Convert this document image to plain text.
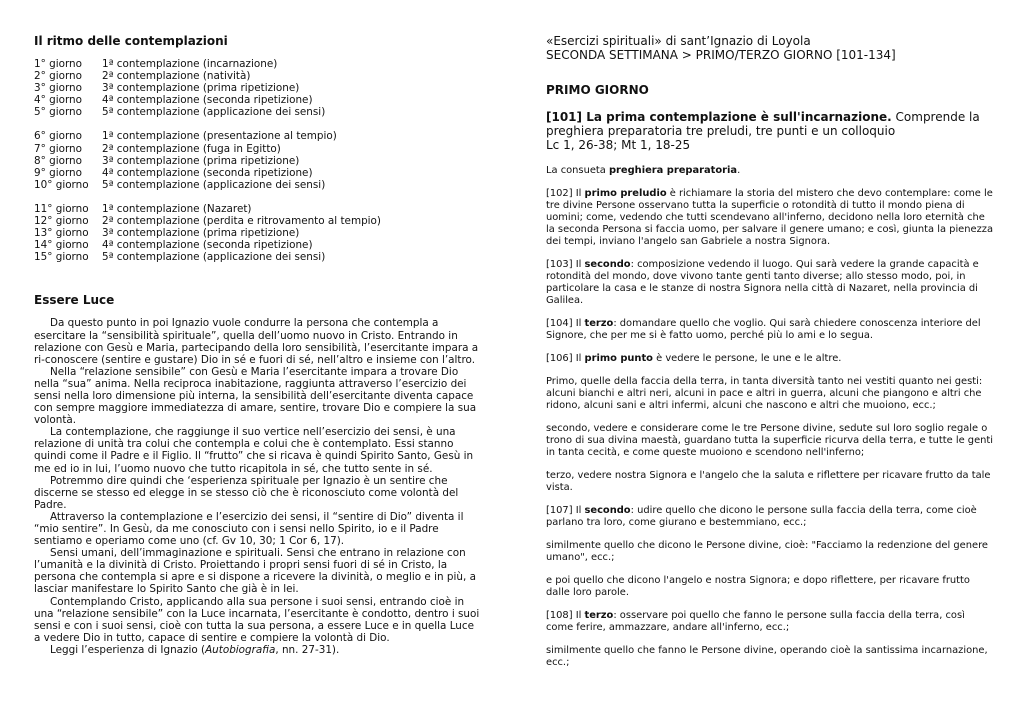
Il ritmo delle contemplazioni
1° giorno	1ª contemplazione (incarnazione)
2° giorno	2ª contemplazione (natività)
3° giorno	3ª contemplazione (prima ripetizione)
4° giorno	4ª contemplazione (seconda ripetizione)
5° giorno	5ª contemplazione (applicazione dei sensi)
6° giorno	1ª contemplazione (presentazione al tempio)
7° giorno	2ª contemplazione (fuga in Egitto)
8° giorno	3ª contemplazione (prima ripetizione)
9° giorno	4ª contemplazione (seconda ripetizione)
10° giorno	5ª contemplazione (applicazione dei sensi)
11° giorno	1ª contemplazione (Nazaret)
12° giorno	2ª contemplazione (perdita e ritrovamento al tempio)
13° giorno	3ª contemplazione (prima ripetizione)
14° giorno	4ª contemplazione (seconda ripetizione)
15° giorno	5ª contemplazione (applicazione dei sensi)
Essere Luce

Da questo punto in poi Ignazio vuole condurre la persona che contempla a esercitare la “sensibilità spirituale”, quella dell’uomo nuovo in Cristo. Entrando in relazione con Gesù e Maria, partecipando della loro sensibilità, l’esercitante impara a ri-conoscere (sentire e gustare) Dio in sé e fuori di sé, nell’altro e insieme con l’altro.

Nella “relazione sensibile” con Gesù e Maria l’esercitante impara a trovare Dio nella “sua” anima. Nella reciproca inabitazione, raggiunta attraverso l’esercizio dei sensi nella loro dimensione più interna, la sensibilità dell’esercitante diventa capace con sempre maggiore immediatezza di amare, sentire, trovare Dio e compiere la sua volontà.

La contemplazione, che raggiunge il suo vertice nell’esercizio dei sensi, è una relazione di unità tra colui che contempla e colui che è contemplato. Essi stanno quindi come il Padre e il Figlio. Il “frutto” che si ricava è quindi Spirito Santo, Gesù in me ed io in lui, l’uomo nuovo che tutto ricapitola in sé, che tutto sente in sé.

Potremmo dire quindi che ‘esperienza spirituale per Ignazio è un sentire che discerne se stesso ed elegge in se stesso ciò che è riconosciuto come volontà del Padre.

Attraverso la contemplazione e l’esercizio dei sensi, il “sentire di Dio” diventa il “mio sentire”. In Gesù, da me conosciuto con i sensi nello Spirito, io e il Padre sentiamo e operiamo come uno (cf. Gv 10, 30; 1 Cor 6, 17).

Sensi umani, dell’immaginazione e spirituali. Sensi che entrano in relazione con l’umanità e la divinità di Cristo. Proiettando i propri sensi fuori di sé in Cristo, la persona che contempla si apre e si dispone a ricevere la divinità, o meglio e in più, a lasciar manifestare lo Spirito Santo che già è in lei.

Contemplando Cristo, applicando alla sua persone i suoi sensi, entrando cioè in una “relazione sensibile” con la Luce incarnata, l’esercitante è condotto, dentro i suoi sensi e con i suoi sensi, cioè con tutta la sua persona, a essere Luce e in quella Luce a vedere Dio in tutto, capace di sentire e compiere la volontà di Dio.

Leggi l’esperienza di Ignazio (Autobiografia, nn. 27-31).

«Esercizi spirituali» di sant’Ignazio di Loyola
SECONDA SETTIMANA > PRIMO/TERZO GIORNO [101-134]
PRIMO GIORNO
[101] La prima contemplazione è sull'incarnazione. Comprende la preghiera preparatoria tre preludi, tre punti e un colloquio
Lc 1, 26-38; Mt 1, 18-25

La consueta preghiera preparatoria.

[102] Il primo preludio è richiamare la storia del mistero che devo contemplare: come le tre divine Persone osservano tutta la superficie o rotondità di tutto il mondo piena di uomini; come, vedendo che tutti scendevano all'inferno, decidono nella loro eternità che la seconda Persona si faccia uomo, per salvare il genere umano; e così, giunta la pienezza dei tempi, inviano l'angelo san Gabriele a nostra Signora.

[103] Il secondo: composizione vedendo il luogo. Qui sarà vedere la grande capacità e rotondità del mondo, dove vivono tante genti tanto diverse; allo stesso modo, poi, in particolare la casa e le stanze di nostra Signora nella città di Nazaret, nella provincia di Galilea.

[104] Il terzo: domandare quello che voglio. Qui sarà chiedere conoscenza interiore del Signore, che per me si è fatto uomo, perché più lo ami e lo segua.

[106] Il primo punto è vedere le persone, le une e le altre.

Primo, quelle della faccia della terra, in tanta diversità tanto nei vestiti quanto nei gesti: alcuni bianchi e altri neri, alcuni in pace e altri in guerra, alcuni che piangono e altri che ridono, alcuni sani e altri infermi, alcuni che nascono e altri che muoiono, ecc.;

secondo, vedere e considerare come le tre Persone divine, sedute sul loro soglio regale o trono di sua divina maestà, guardano tutta la superficie ricurva della terra, e tutte le genti in tanta cecità, e come queste muoiono e scendono nell'inferno;

terzo, vedere nostra Signora e l'angelo che la saluta e riflettere per ricavare frutto da tale vista.

[107] Il secondo: udire quello che dicono le persone sulla faccia della terra, come cioè parlano tra loro, come giurano e bestemmiano, ecc.;

similmente quello che dicono le Persone divine, cioè: "Facciamo la redenzione del genere umano", ecc.;

e poi quello che dicono l'angelo e nostra Signora; e dopo riflettere, per ricavare frutto dalle loro parole.

[108] Il terzo: osservare poi quello che fanno le persone sulla faccia della terra, così come ferire, ammazzare, andare all'inferno, ecc.;

similmente quello che fanno le Persone divine, operando cioè la santissima incarnazione, ecc.;
